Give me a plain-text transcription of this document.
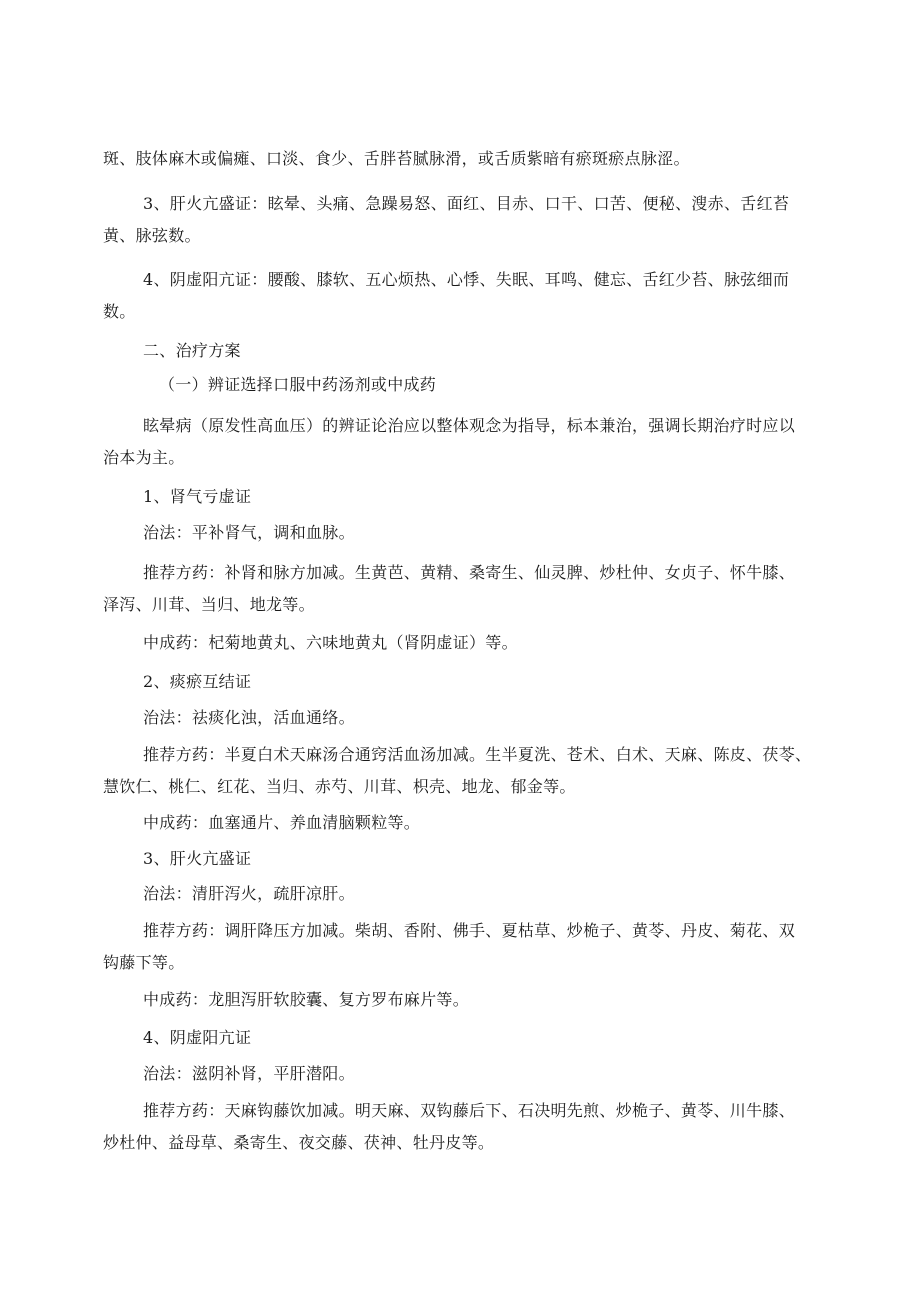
斑、肢体麻木或偏瘫、口淡、食少、舌胖苔腻脉滑，或舌质紫暗有瘀斑瘀点脉涩。

3、肝火亢盛证：眩晕、头痛、急躁易怒、面红、目赤、口干、口苦、便秘、溲赤、舌红苔

黄、脉弦数。

4、阴虚阳亢证：腰酸、膝软、五心烦热、心悸、失眠、耳鸣、健忘、舌红少苔、脉弦细而

数。

二、治疗方案

（一）辨证选择口服中药汤剂或中成药

眩晕病（原发性高血压）的辨证论治应以整体观念为指导，标本兼治，强调长期治疗时应以

治本为主。

1、肾气亏虚证

治法：平补肾气，调和血脉。

推荐方药：补肾和脉方加减。生黄芭、黄精、桑寄生、仙灵脾、炒杜仲、女贞子、怀牛膝、

泽泻、川茸、当归、地龙等。

中成药：杞菊地黄丸、六味地黄丸（肾阴虚证）等。

2、痰瘀互结证

治法：祛痰化浊，活血通络。

推荐方药：半夏白术天麻汤合通窍活血汤加减。生半夏洗、苍术、白术、天麻、陈皮、茯苓、

慧饮仁、桃仁、红花、当归、赤芍、川茸、枳壳、地龙、郁金等。

中成药：血塞通片、养血清脑颗粒等。

3、肝火亢盛证

治法：清肝泻火，疏肝凉肝。

推荐方药：调肝降压方加减。柴胡、香附、佛手、夏枯草、炒桅子、黄苓、丹皮、菊花、双

钩藤下等。

中成药：龙胆泻肝软胶囊、复方罗布麻片等。

4、阴虚阳亢证

治法：滋阴补肾，平肝潜阳。

推荐方药：天麻钩藤饮加减。明天麻、双钩藤后下、石决明先煎、炒桅子、黄苓、川牛膝、

炒杜仲、益母草、桑寄生、夜交藤、茯神、牡丹皮等。
